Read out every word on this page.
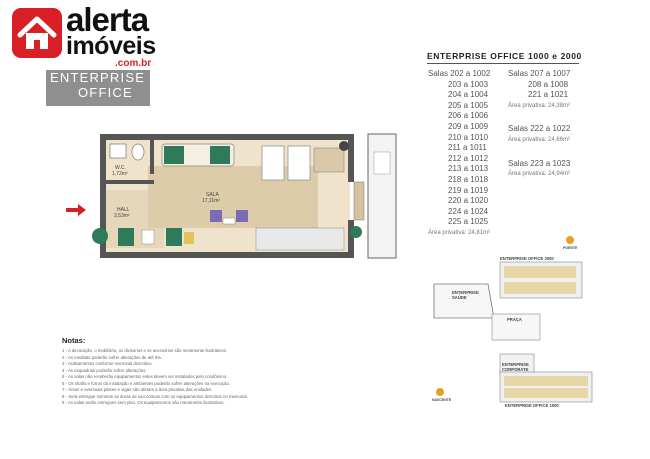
alerta
imóveis
.com.br
ENTERPRISE
OFFICE
W.C.
1,72m²
SALA
17,11m²
HALL
3,53m²
ENTERPRISE OFFICE 1000 e 2000
Salas 202 a 1002
203 a 1003
204 a 1004
205 a 1005
206 a 1006
209 a 1009
210 a 1010
211 a 1011
212 a 1012
213 a 1013
218 a 1018
219 a 1019
220 a 1020
224 a 1024
225 a 1025
Área privativa: 24,81m²
Salas 207 a 1007
208 a 1008
221 a 1021
Área privativa: 24,38m²
Salas 222 a 1022
Área privativa: 24,66m²
Salas 223 a 1023
Área privativa: 24,94m²
ENTERPRISE OFFICE 2000
ENTERPRISE SAÚDE
PRAÇA
ENTERPRISE CORPORATE
ENTERPRISE OFFICE 1000
POENTE
NASCENTE
Notas:
1 - A decoração, o mobiliário, os divisórios e os acessórios são meramente ilustrativos.
2 - As medidas poderão sofrer alterações de até 5%.
3 - Acabamentos conforme memorial descritivo.
4 - As esquadrias poderão sofrer alterações.
5 - As salas não receberão equipamentos estes devem ser instalados pelo condômino.
6 - Os shafts e forros da instalação e ambientes poderão sofrer alterações na execução.
7 - Áreas e eventuais pilares e vigas não afetam a área privativa das unidades.
8 - Será entregue somente as áreas de uso comum com os equipamentos descritos no memorial.
9 - As salas serão entregues sem piso. Os equipamentos são meramente ilustrativos.
